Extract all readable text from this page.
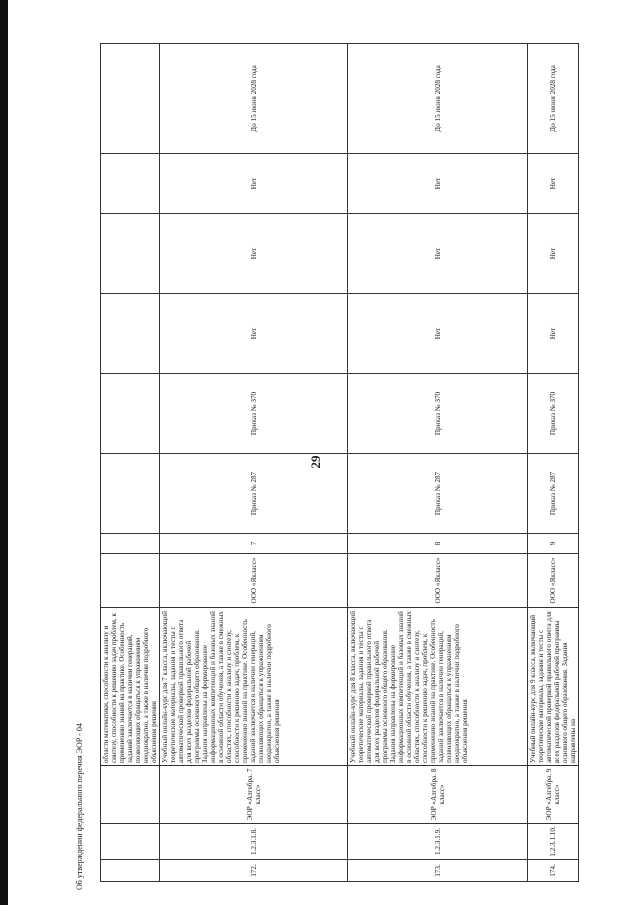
29
Об утверждении федерального перечня ЭОР - 04
			области математики, способности к анализу и синтезу, способности к решению задач проблем, к применению знаний на практике. Особенность заданий заключается в наличии генераций, позволяющих обращаться к упражнениям неоднократно, а также в наличии подробного объяснения решения								
172.	1.2.3.1.8.	ЭОР «Алгебра. 7 класс»	Учебный онлайн-курс для 7 класса, включающий теоретические материалы, задания и тесты с автоматической проверкой правильного ответа для всех разделов федеральной рабочей программы основного общего образования. Задания направлены на формирование информационных компетенций и базовых знаний в основной области обучения, а также в смежных областях, способности к анализу и синтезу, способности к решению задач, проблем, к применению знаний на практике. Особенность заданий заключается в наличии генераций, позволяющих обращаться к упражнениям неоднократно, а также в наличии подробного объяснения решения	ООО «Якласс»	7	Приказ № 287	Приказ № 370	Нет	Нет	Нет	До 15 июня 2028 года
173.	1.2.3.1.9.	ЭОР «Алгебра. 8 класс»	Учебный онлайн-курс для 8 класса, включающий теоретические материалы, задания и тесты с автоматической проверкой правильного ответа для всех разделов федеральной рабочей программы основного общего образования. Задания направлены на формирование информационных компетенций и базовых знаний в основной области обучения, а также в смежных областях, способности к анализу и синтезу, способности к решению задач, проблем, к применению знаний на практике. Особенность заданий заключается в наличии генераций, позволяющих обращаться к упражнениям неоднократно, а также в наличии подробного объяснения решения	ООО «Якласс»	8	Приказ № 287	Приказ № 370	Нет	Нет	Нет	До 15 июня 2028 года
174.	1.2.3.1.10.	ЭОР «Алгебра. 9 класс»	Учебный онлайн-курс для 9 класса, включающий теоретические материалы, задания и тесты с автоматической проверкой правильного ответа для всех разделов федеральной рабочей программы основного общего образования. Задания направлены на	ООО «Якласс»	9	Приказ № 287	Приказ № 370	Нет	Нет	Нет	До 15 июня 2028 года
